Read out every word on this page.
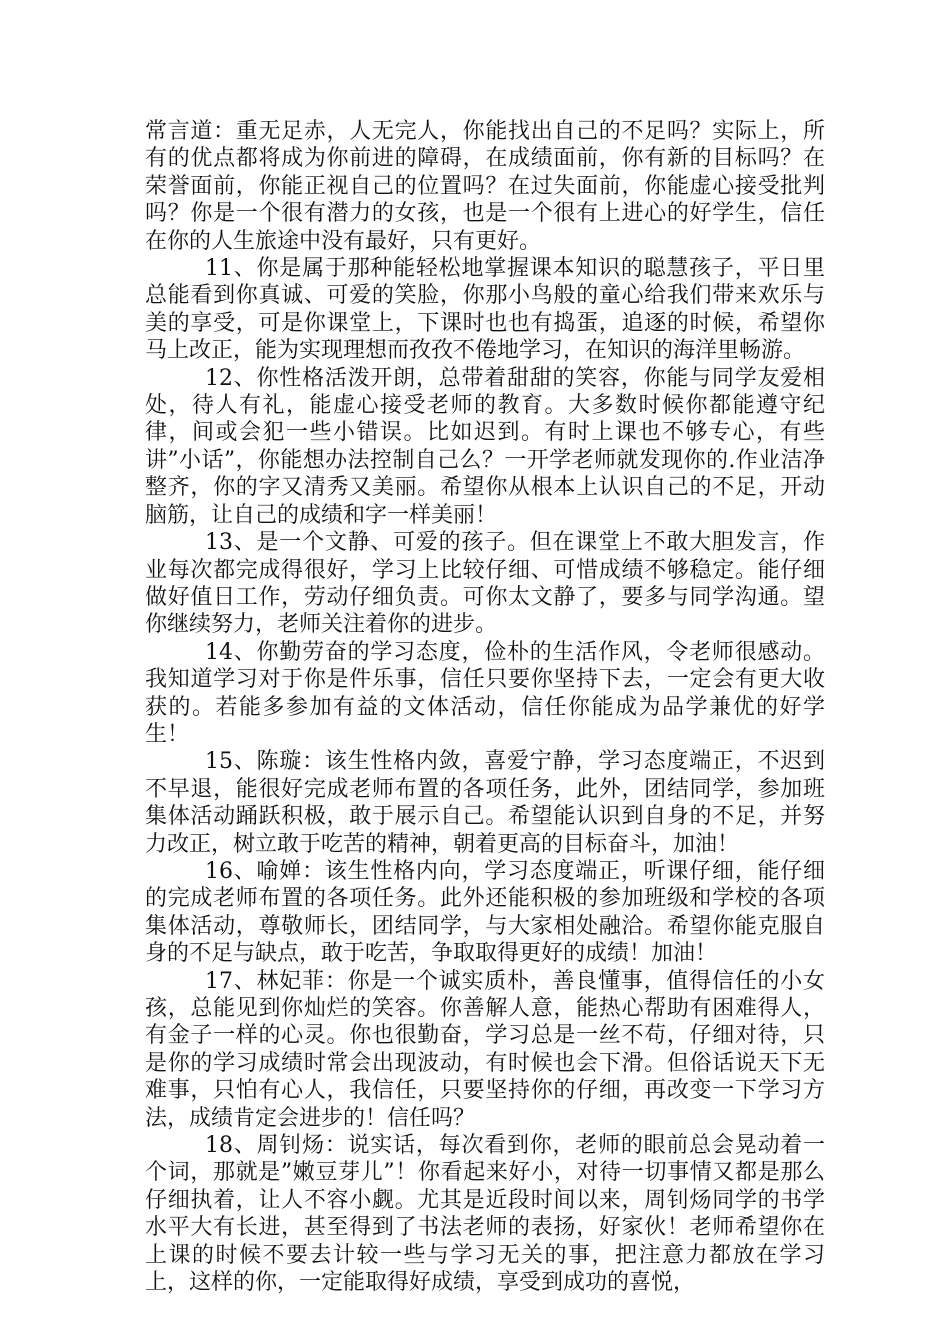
常言道：重无足赤，人无完人，你能找出自己的不足吗？实际上，所有的优点都将成为你前进的障碍，在成绩面前，你有新的目标吗？在荣誉面前，你能正视自己的位置吗？在过失面前，你能虚心接受批判吗？你是一个很有潜力的女孩，也是一个很有上进心的好学生，信任在你的人生旅途中没有最好，只有更好。

11、你是属于那种能轻松地掌握课本知识的聪慧孩子，平日里总能看到你真诚、可爱的笑脸，你那小鸟般的童心给我们带来欢乐与美的享受，可是你课堂上，下课时也也有捣蛋，追逐的时候，希望你马上改正，能为实现理想而孜孜不倦地学习，在知识的海洋里畅游。

12、你性格活泼开朗，总带着甜甜的笑容，你能与同学友爱相处，待人有礼，能虚心接受老师的教育。大多数时候你都能遵守纪律，间或会犯一些小错误。比如迟到。有时上课也不够专心，有些讲”小话”，你能想办法控制自己么？一开学老师就发现你的.作业洁净整齐，你的字又清秀又美丽。希望你从根本上认识自己的不足，开动脑筋，让自己的成绩和字一样美丽！

13、是一个文静、可爱的孩子。但在课堂上不敢大胆发言，作业每次都完成得很好，学习上比较仔细、可惜成绩不够稳定。能仔细做好值日工作，劳动仔细负责。可你太文静了，要多与同学沟通。望你继续努力，老师关注着你的进步。

14、你勤劳奋的学习态度，俭朴的生活作风，令老师很感动。我知道学习对于你是件乐事，信任只要你坚持下去，一定会有更大收获的。若能多参加有益的文体活动，信任你能成为品学兼优的好学生！

15、陈璇：该生性格内敛，喜爱宁静，学习态度端正，不迟到不早退，能很好完成老师布置的各项任务，此外，团结同学，参加班集体活动踊跃积极，敢于展示自己。希望能认识到自身的不足，并努力改正，树立敢于吃苦的精神，朝着更高的目标奋斗，加油！

16、喻婵：该生性格内向，学习态度端正，听课仔细，能仔细的完成老师布置的各项任务。此外还能积极的参加班级和学校的各项集体活动，尊敬师长，团结同学，与大家相处融洽。希望你能克服自身的不足与缺点，敢于吃苦，争取取得更好的成绩！加油！

17、林妃菲：你是一个诚实质朴，善良懂事，值得信任的小女孩，总能见到你灿烂的笑容。你善解人意，能热心帮助有困难得人，有金子一样的心灵。你也很勤奋，学习总是一丝不苟，仔细对待，只是你的学习成绩时常会出现波动，有时候也会下滑。但俗话说天下无难事，只怕有心人，我信任，只要坚持你的仔细，再改变一下学习方法，成绩肯定会进步的！信任吗？

18、周钊炀：说实话，每次看到你，老师的眼前总会晃动着一个词，那就是”嫩豆芽儿”！你看起来好小，对待一切事情又都是那么仔细执着，让人不容小觑。尤其是近段时间以来，周钊炀同学的书学水平大有长进，甚至得到了书法老师的表扬，好家伙！老师希望你在上课的时候不要去计较一些与学习无关的事，把注意力都放在学习上，这样的你，一定能取得好成绩，享受到成功的喜悦，
